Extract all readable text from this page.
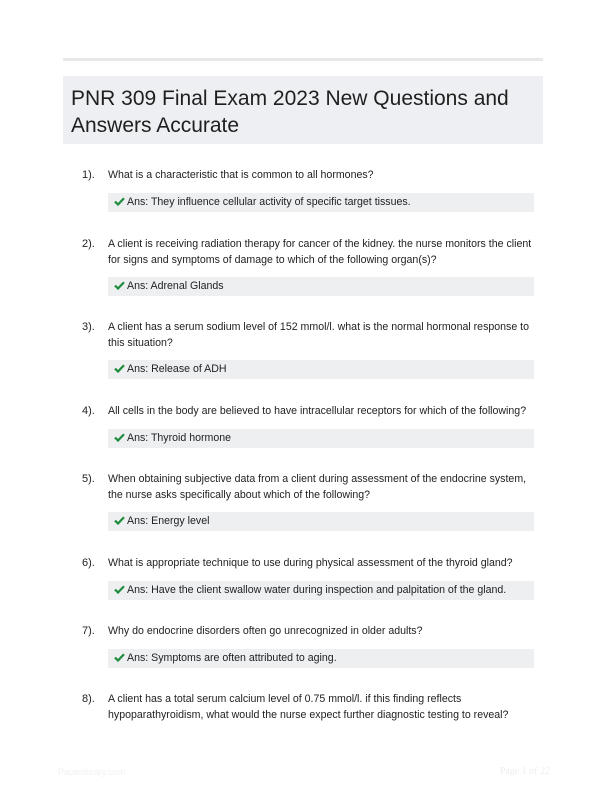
PNR 309 Final Exam 2023 New Questions and Answers Accurate
1). What is a characteristic that is common to all hormones?
Ans: They influence cellular activity of specific target tissues.
2). A client is receiving radiation therapy for cancer of the kidney. the nurse monitors the client for signs and symptoms of damage to which of the following organ(s)?
Ans: Adrenal Glands
3). A client has a serum sodium level of 152 mmol/l. what is the normal hormonal response to this situation?
Ans: Release of ADH
4). All cells in the body are believed to have intracellular receptors for which of the following?
Ans: Thyroid hormone
5). When obtaining subjective data from a client during assessment of the endocrine system, the nurse asks specifically about which of the following?
Ans: Energy level
6). What is appropriate technique to use during physical assessment of the thyroid gland?
Ans: Have the client swallow water during inspection and palpitation of the gland.
7). Why do endocrine disorders often go unrecognized in older adults?
Ans: Symptoms are often attributed to aging.
8). A client has a total serum calcium level of 0.75 mmol/l. if this finding reflects hypoparathyroidism, what would the nurse expect further diagnostic testing to reveal?
Paperlibrary.com	Page 1 of 22
